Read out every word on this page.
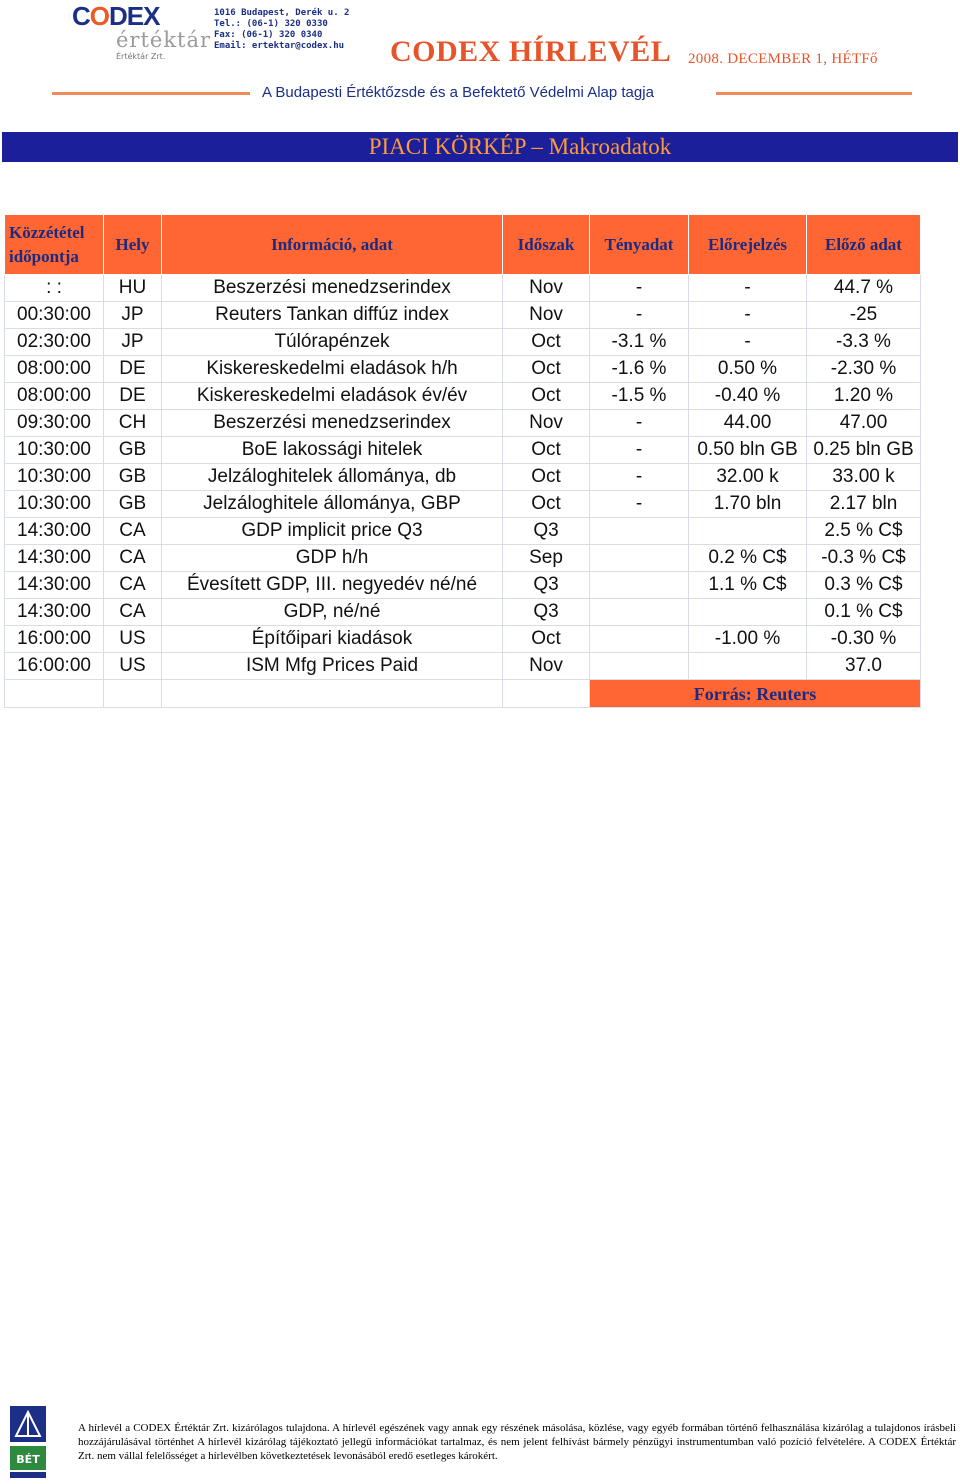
CODEX
értéktár
Értéktár Zrt.
1016 Budapest, Derék u. 2
Tel.: (06-1) 320 0330
Fax: (06-1) 320 0340
Email: ertektar@codex.hu	CODEX HÍRLEVÉL 2008. DECEMBER 1, HÉTFő
A Budapesti Értéktőzsde és a Befektető Védelmi Alap tagja
PIACI KÖRKÉP – Makroadatok
Közzététel időpontja	Hely	Információ, adat	Időszak	Tényadat	Előrejelzés	Előző adat
: :	HU	Beszerzési menedzserindex	Nov	-	-	44.7 %
00:30:00	JP	Reuters Tankan diffúz index	Nov	-	-	-25
02:30:00	JP	Túlórapénzek	Oct	-3.1 %	-	-3.3 %
08:00:00	DE	Kiskereskedelmi eladások h/h	Oct	-1.6 %	0.50 %	-2.30 %
08:00:00	DE	Kiskereskedelmi eladások év/év	Oct	-1.5 %	-0.40 %	1.20 %
09:30:00	CH	Beszerzési menedzserindex	Nov	-	44.00	47.00
10:30:00	GB	BoE lakossági hitelek	Oct	-	0.50 bln GB	0.25 bln GB
10:30:00	GB	Jelzáloghitelek állománya, db	Oct	-	32.00 k	33.00 k
10:30:00	GB	Jelzáloghitele állománya, GBP	Oct	-	1.70 bln	2.17 bln
14:30:00	CA	GDP implicit price Q3	Q3			2.5 % C$
14:30:00	CA	GDP h/h	Sep		0.2 % C$	-0.3 % C$
14:30:00	CA	Évesített GDP, III. negyedév né/né	Q3		1.1 % C$	0.3 % C$
14:30:00	CA	GDP, né/né	Q3			0.1 % C$
16:00:00	US	Építőipari kiadások	Oct		-1.00 %	-0.30 %
16:00:00	US	ISM Mfg Prices Paid	Nov			37.0
				Forrás: Reuters		
BÉT
A hírlevél a CODEX Értéktár Zrt. kizárólagos tulajdona. A hírlevél egészének vagy annak egy részének másolása, közlése, vagy egyéb formában történő felhasználása kizárólag a tulajdonos írásbeli hozzájárulásával történhet A hírlevél kizárólag tájékoztató jellegű információkat tartalmaz, és nem jelent felhívást bármely pénzügyi instrumentumban való pozíció felvételére. A CODEX Értéktár Zrt. nem vállal felelősséget a hírlevélben következtetések levonásából eredő esetleges károkért.
